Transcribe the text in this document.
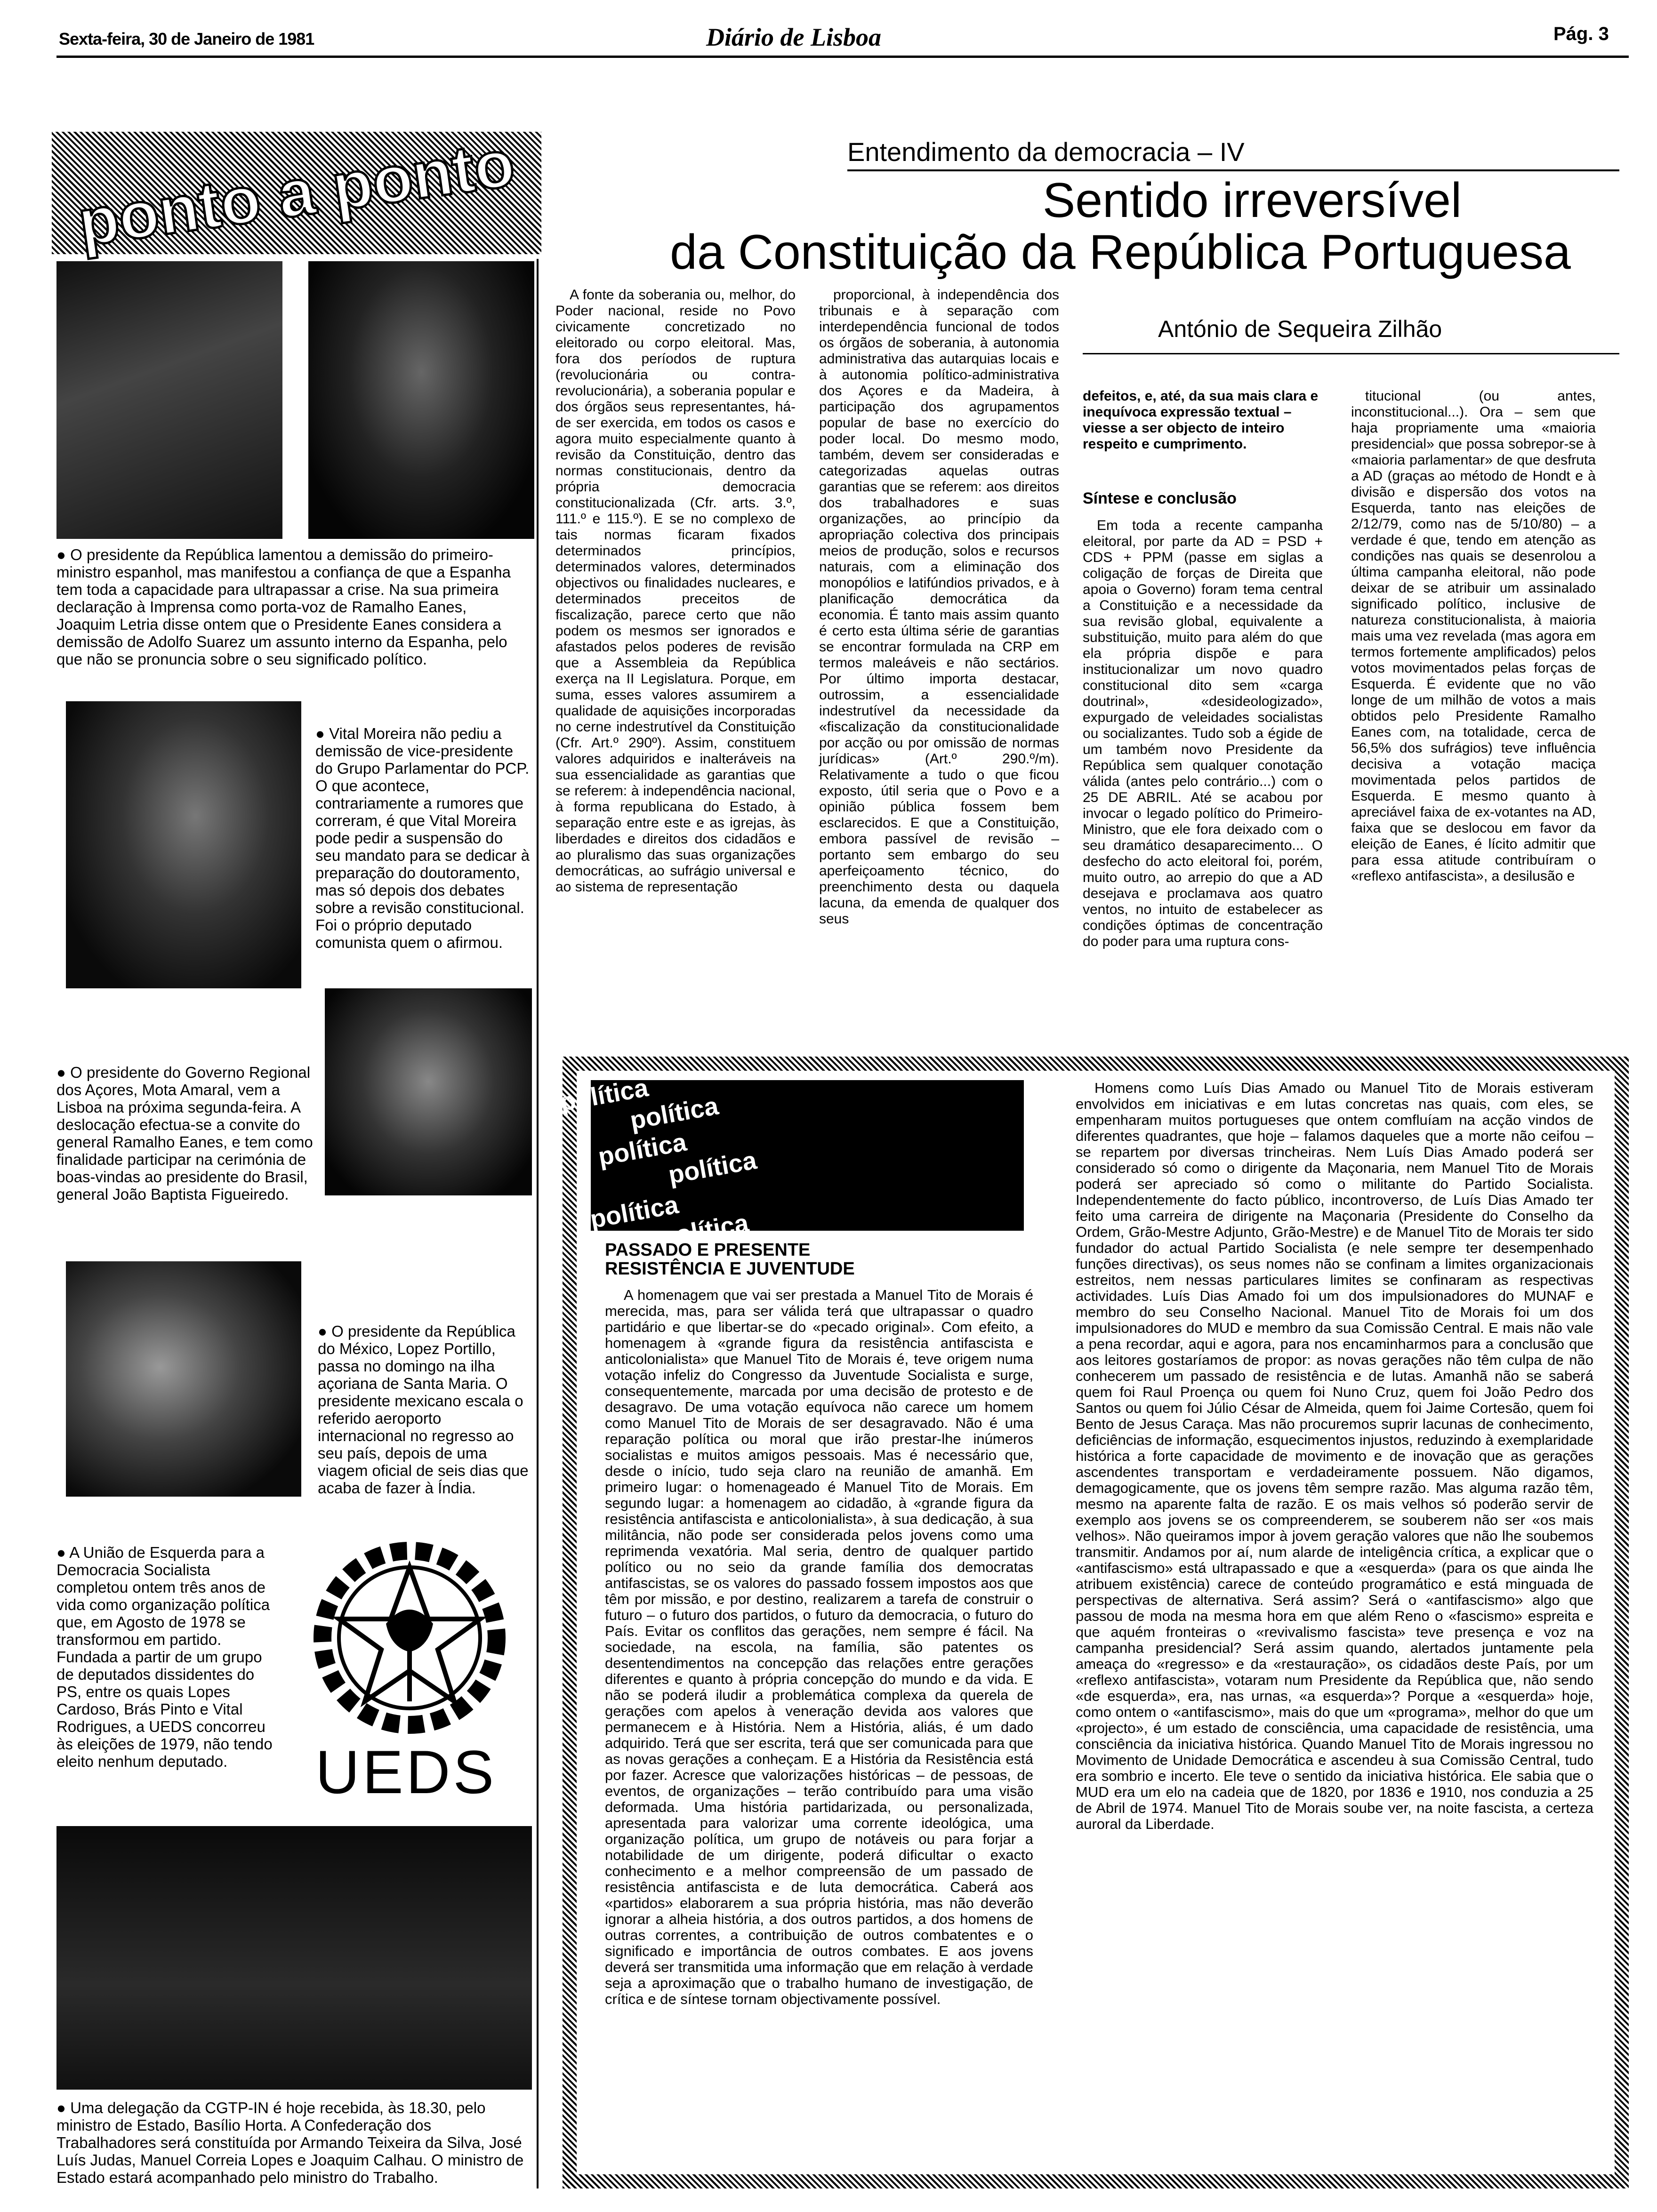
Sexta-feira, 30 de Janeiro de 1981	Diário de Lisboa	Pág. 3
ponto a ponto
● O presidente da República lamentou a demissão do primeiro-ministro espanhol, mas manifestou a confiança de que a Espanha tem toda a capacidade para ultrapassar a crise. Na sua primeira declaração à Imprensa como porta-voz de Ramalho Eanes, Joaquim Letria disse ontem que o Presidente Eanes considera a demissão de Adolfo Suarez um assunto interno da Espanha, pelo que não se pronuncia sobre o seu significado político.
● Vital Moreira não pediu a demissão de vice-presidente do Grupo Parlamentar do PCP. O que acontece, contrariamente a rumores que correram, é que Vital Moreira pode pedir a suspensão do seu mandato para se dedicar à preparação do doutoramento, mas só depois dos debates sobre a revisão constitucional. Foi o próprio deputado comunista quem o afirmou.
● O presidente do Governo Regional dos Açores, Mota Amaral, vem a Lisboa na próxima segunda-feira. A deslocação efectua-se a convite do general Ramalho Eanes, e tem como finalidade participar na cerimónia de boas-vindas ao presidente do Brasil, general João Baptista Figueiredo.
● O presidente da República do México, Lopez Portillo, passa no domingo na ilha açoriana de Santa Maria. O presidente mexicano escala o referido aeroporto internacional no regresso ao seu país, depois de uma viagem oficial de seis dias que acaba de fazer à Índia.
● A União de Esquerda para a Democracia Socialista completou ontem três anos de vida como organização política que, em Agosto de 1978 se transformou em partido. Fundada a partir de um grupo de deputados dissidentes do PS, entre os quais Lopes Cardoso, Brás Pinto e Vital Rodrigues, a UEDS concorreu às eleições de 1979, não tendo eleito nenhum deputado.	UEDS
● Uma delegação da CGTP-IN é hoje recebida, às 18.30, pelo ministro de Estado, Basílio Horta. A Confederação dos Trabalhadores será constituída por Armando Teixeira da Silva, José Luís Judas, Manuel Correia Lopes e Joaquim Calhau. O ministro de Estado estará acompanhado pelo ministro do Trabalho.
Entendimento da democracia – IV
Sentido irreversível
da Constituição da República Portuguesa
A fonte da soberania ou, melhor, do Poder nacional, reside no Povo civicamente concretizado no eleitorado ou corpo eleitoral. Mas, fora dos períodos de ruptura (revolucionária ou contra-revolucionária), a soberania popular e dos órgãos seus representantes, há-de ser exercida, em todos os casos e agora muito especialmente quanto à revisão da Constituição, dentro das normas constitucionais, dentro da própria democracia constitucionalizada (Cfr. arts. 3.º, 111.º e 115.º). E se no complexo de tais normas ficaram fixados determinados princípios, determinados valores, determinados objectivos ou finalidades nucleares, e determinados preceitos de fiscalização, parece certo que não podem os mesmos ser ignorados e afastados pelos poderes de revisão que a Assembleia da República exerça na II Legislatura. Porque, em suma, esses valores assumirem a qualidade de aquisições incorporadas no cerne indestrutível da Constituição (Cfr. Art.º 290º). Assim, constituem valores adquiridos e inalteráveis na sua essencialidade as garantias que se referem: à independência nacional, à forma republicana do Estado, à separação entre este e as igrejas, às liberdades e direitos dos cidadãos e ao pluralismo das suas organizações democráticas, ao sufrágio universal e ao sistema de representação
proporcional, à independência dos tribunais e à separação com interdependência funcional de todos os órgãos de soberania, à autonomia administrativa das autarquias locais e à autonomia político-administrativa dos Açores e da Madeira, à participação dos agrupamentos popular de base no exercício do poder local. Do mesmo modo, também, devem ser consideradas e categorizadas aquelas outras garantias que se referem: aos direitos dos trabalhadores e suas organizações, ao princípio da apropriação colectiva dos principais meios de produção, solos e recursos naturais, com a eliminação dos monopólios e latifúndios privados, e à planificação democrática da economia. É tanto mais assim quanto é certo esta última série de garantias se encontrar formulada na CRP em termos maleáveis e não sectários. Por último importa destacar, outrossim, a essencialidade indestrutível da necessidade da «fiscalização da constitucionalidade por acção ou por omissão de normas jurídicas» (Art.º 290.º/m). Relativamente a tudo o que ficou exposto, útil seria que o Povo e a opinião pública fossem bem esclarecidos. E que a Constituição, embora passível de revisão – portanto sem embargo do seu aperfeiçoamento técnico, do preenchimento desta ou daquela lacuna, da emenda de qualquer dos seus
António de Sequeira Zilhão
defeitos, e, até, da sua mais clara e inequívoca expressão textual – viesse a ser objecto de inteiro respeito e cumprimento.
Síntese e conclusão
Em toda a recente campanha eleitoral, por parte da AD = PSD + CDS + PPM (passe em siglas a coligação de forças de Direita que apoia o Governo) foram tema central a Constituição e a necessidade da sua revisão global, equivalente a substituição, muito para além do que ela própria dispõe e para institucionalizar um novo quadro constitucional dito sem «carga doutrinal», «desideologizado», expurgado de veleidades socialistas ou socializantes. Tudo sob a égide de um também novo Presidente da República sem qualquer conotação válida (antes pelo contrário...) com o 25 DE ABRIL. Até se acabou por invocar o legado político do Primeiro-Ministro, que ele fora deixado com o seu dramático desaparecimento... O desfecho do acto eleitoral foi, porém, muito outro, ao arrepio do que a AD desejava e proclamava aos quatro ventos, no intuito de estabelecer as condições óptimas de concentração do poder para uma ruptura cons-
titucional (ou antes, inconstitucional...). Ora – sem que haja propriamente uma «maioria presidencial» que possa sobrepor-se à «maioria parlamentar» de que desfruta a AD (graças ao método de Hondt e à divisão e dispersão dos votos na Esquerda, tanto nas eleições de 2/12/79, como nas de 5/10/80) – a verdade é que, tendo em atenção as condições nas quais se desenrolou a última campanha eleitoral, não pode deixar de se atribuir um assinalado significado político, inclusive de natureza constitucionalista, à maioria mais uma vez revelada (mas agora em termos fortemente amplificados) pelos votos movimentados pelas forças de Esquerda. É evidente que no vão longe de um milhão de votos a mais obtidos pelo Presidente Ramalho Eanes com, na totalidade, cerca de 56,5% dos sufrágios) teve influência decisiva a votação maciça movimentada pelos partidos de Esquerda. E mesmo quanto à apreciável faixa de ex-votantes na AD, faixa que se deslocou em favor da eleição de Eanes, é lícito admitir que para essa atitude contribuíram o «reflexo antifascista», a desilusão e
política
política
política
política
política
política
PASSADO E PRESENTE
RESISTÊNCIA E JUVENTUDE
A homenagem que vai ser prestada a Manuel Tito de Morais é merecida, mas, para ser válida terá que ultrapassar o quadro partidário e que libertar-se do «pecado original». Com efeito, a homenagem à «grande figura da resistência antifascista e anticolonialista» que Manuel Tito de Morais é, teve origem numa votação infeliz do Congresso da Juventude Socialista e surge, consequentemente, marcada por uma decisão de protesto e de desagravo. De uma votação equívoca não carece um homem como Manuel Tito de Morais de ser desagravado. Não é uma reparação política ou moral que irão prestar-lhe inúmeros socialistas e muitos amigos pessoais. Mas é necessário que, desde o início, tudo seja claro na reunião de amanhã. Em primeiro lugar: o homenageado é Manuel Tito de Morais. Em segundo lugar: a homenagem ao cidadão, à «grande figura da resistência antifascista e anticolonialista», à sua dedicação, à sua militância, não pode ser considerada pelos jovens como uma reprimenda vexatória. Mal seria, dentro de qualquer partido político ou no seio da grande família dos democratas antifascistas, se os valores do passado fossem impostos aos que têm por missão, e por destino, realizarem a tarefa de construir o futuro – o futuro dos partidos, o futuro da democracia, o futuro do País. Evitar os conflitos das gerações, nem sempre é fácil. Na sociedade, na escola, na família, são patentes os desentendimentos na concepção das relações entre gerações diferentes e quanto à própria concepção do mundo e da vida. E não se poderá iludir a problemática complexa da querela de gerações com apelos à veneração devida aos valores que permanecem e à História. Nem a História, aliás, é um dado adquirido. Terá que ser escrita, terá que ser comunicada para que as novas gerações a conheçam. E a História da Resistência está por fazer. Acresce que valorizações históricas – de pessoas, de eventos, de organizações – terão contribuído para uma visão deformada. Uma história partidarizada, ou personalizada, apresentada para valorizar uma corrente ideológica, uma organização política, um grupo de notáveis ou para forjar a notabilidade de um dirigente, poderá dificultar o exacto conhecimento e a melhor compreensão de um passado de resistência antifascista e de luta democrática. Caberá aos «partidos» elaborarem a sua própria história, mas não deverão ignorar a alheia história, a dos outros partidos, a dos homens de outras correntes, a contribuição de outros combatentes e o significado e importância de outros combates. E aos jovens deverá ser transmitida uma informação que em relação à verdade seja a aproximação que o trabalho humano de investigação, de crítica e de síntese tornam objectivamente possível.
Homens como Luís Dias Amado ou Manuel Tito de Morais estiveram envolvidos em iniciativas e em lutas concretas nas quais, com eles, se empenharam muitos portugueses que ontem comfluíam na acção vindos de diferentes quadrantes, que hoje – falamos daqueles que a morte não ceifou – se repartem por diversas trincheiras. Nem Luís Dias Amado poderá ser considerado só como o dirigente da Maçonaria, nem Manuel Tito de Morais poderá ser apreciado só como o militante do Partido Socialista. Independentemente do facto público, incontroverso, de Luís Dias Amado ter feito uma carreira de dirigente na Maçonaria (Presidente do Conselho da Ordem, Grão-Mestre Adjunto, Grão-Mestre) e de Manuel Tito de Morais ter sido fundador do actual Partido Socialista (e nele sempre ter desempenhado funções directivas), os seus nomes não se confinam a limites organizacionais estreitos, nem nessas particulares limites se confinaram as respectivas actividades. Luís Dias Amado foi um dos impulsionadores do MUNAF e membro do seu Conselho Nacional. Manuel Tito de Morais foi um dos impulsionadores do MUD e membro da sua Comissão Central. E mais não vale a pena recordar, aqui e agora, para nos encaminharmos para a conclusão que aos leitores gostaríamos de propor: as novas gerações não têm culpa de não conhecerem um passado de resistência e de lutas. Amanhã não se saberá quem foi Raul Proença ou quem foi Nuno Cruz, quem foi João Pedro dos Santos ou quem foi Júlio César de Almeida, quem foi Jaime Cortesão, quem foi Bento de Jesus Caraça. Mas não procuremos suprir lacunas de conhecimento, deficiências de informação, esquecimentos injustos, reduzindo à exemplaridade histórica a forte capacidade de movimento e de inovação que as gerações ascendentes transportam e verdadeiramente possuem. Não digamos, demagogicamente, que os jovens têm sempre razão. Mas alguma razão têm, mesmo na aparente falta de razão. E os mais velhos só poderão servir de exemplo aos jovens se os compreenderem, se souberem não ser «os mais velhos». Não queiramos impor à jovem geração valores que não lhe soubemos transmitir. Andamos por aí, num alarde de inteligência crítica, a explicar que o «antifascismo» está ultrapassado e que a «esquerda» (para os que ainda lhe atribuem existência) carece de conteúdo programático e está minguada de perspectivas de alternativa. Será assim? Será o «antifascismo» algo que passou de moda na mesma hora em que além Reno o «fascismo» espreita e que aquém fronteiras o «revivalismo fascista» teve presença e voz na campanha presidencial? Será assim quando, alertados juntamente pela ameaça do «regresso» e da «restauração», os cidadãos deste País, por um «reflexo antifascista», votaram num Presidente da República que, não sendo «de esquerda», era, nas urnas, «a esquerda»? Porque a «esquerda» hoje, como ontem o «antifascismo», mais do que um «programa», melhor do que um «projecto», é um estado de consciência, uma capacidade de resistência, uma consciência da iniciativa histórica. Quando Manuel Tito de Morais ingressou no Movimento de Unidade Democrática e ascendeu à sua Comissão Central, tudo era sombrio e incerto. Ele teve o sentido da iniciativa histórica. Ele sabia que o MUD era um elo na cadeia que de 1820, por 1836 e 1910, nos conduzia a 25 de Abril de 1974. Manuel Tito de Morais soube ver, na noite fascista, a certeza auroral da Liberdade.
